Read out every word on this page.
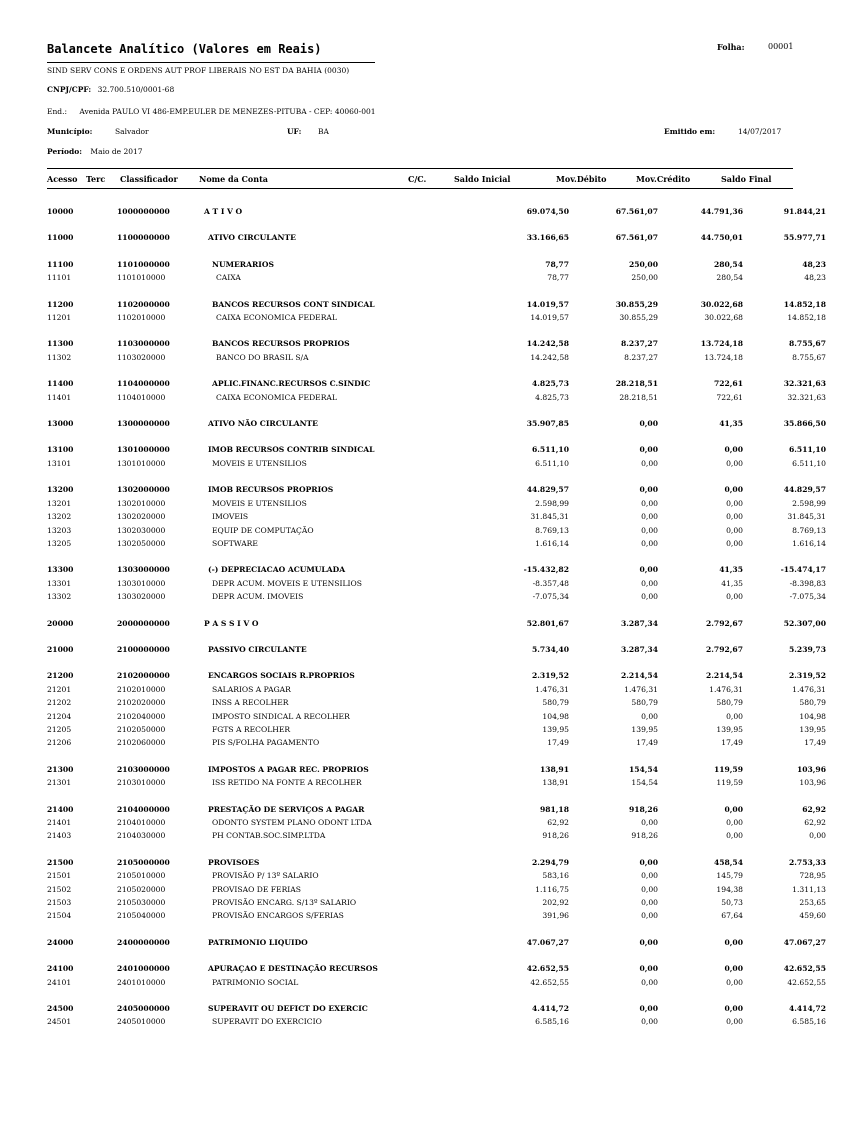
Balancete Analítico (Valores em Reais)	Folha:	00001
SIND SERV CONS E ORDENS AUT PROF LIBERAIS NO EST DA BAHIA (0030)
CNPJ/CPF: 32.700.510/0001-68
End.: Avenida PAULO VI 486-EMP.EULER DE MENEZES-PITUBA - CEP: 40060-001
Município:	Salvador	UF: BA	Emitido em:	14/07/2017
Período: Maio de 2017
Acesso Terc Classificador	Nome da Conta	C/C.	Saldo Inicial	Mov.Débito	Mov.Crédito	Saldo Final
10000	1000000000	A T I V O	69.074,50	67.561,07	44.791,36	91.844,21	

11000	1100000000	ATIVO CIRCULANTE	33.166,65	67.561,07	44.750,01	55.977,71	

11100	1101000000	NUMERARIOS	78,77	250,00	280,54	48,23	
11101	1101010000	CAIXA	78,77	250,00	280,54	48,23	

11200	1102000000	BANCOS RECURSOS CONT SINDICAL	14.019,57	30.855,29	30.022,68	14.852,18	
11201	1102010000	CAIXA ECONOMICA FEDERAL	14.019,57	30.855,29	30.022,68	14.852,18	

11300	1103000000	BANCOS RECURSOS PROPRIOS	14.242,58	8.237,27	13.724,18	8.755,67	
11302	1103020000	BANCO DO BRASIL S/A	14.242,58	8.237,27	13.724,18	8.755,67	

11400	1104000000	APLIC.FINANC.RECURSOS C.SINDIC	4.825,73	28.218,51	722,61	32.321,63	
11401	1104010000	CAIXA ECONOMICA FEDERAL	4.825,73	28.218,51	722,61	32.321,63	

13000	1300000000	ATIVO NÃO CIRCULANTE	35.907,85	0,00	41,35	35.866,50	

13100	1301000000	IMOB RECURSOS CONTRIB SINDICAL	6.511,10	0,00	0,00	6.511,10	
13101	1301010000	MOVEIS E UTENSILIOS	6.511,10	0,00	0,00	6.511,10	

13200	1302000000	IMOB RECURSOS PROPRIOS	44.829,57	0,00	0,00	44.829,57	
13201	1302010000	MOVEIS E UTENSILIOS	2.598,99	0,00	0,00	2.598,99	
13202	1302020000	IMOVEIS	31.845,31	0,00	0,00	31.845,31	
13203	1302030000	EQUIP DE COMPUTAÇÃO	8.769,13	0,00	0,00	8.769,13	
13205	1302050000	SOFTWARE	1.616,14	0,00	0,00	1.616,14	

13300	1303000000	(-) DEPRECIACAO ACUMULADA	-15.432,82	0,00	41,35	-15.474,17	
13301	1303010000	DEPR ACUM. MOVEIS E UTENSILIOS	-8.357,48	0,00	41,35	-8.398,83	
13302	1303020000	DEPR ACUM. IMOVEIS	-7.075,34	0,00	0,00	-7.075,34	

20000	2000000000	P A S S I V O	52.801,67	3.287,34	2.792,67	52.307,00	

21000	2100000000	PASSIVO CIRCULANTE	5.734,40	3.287,34	2.792,67	5.239,73	

21200	2102000000	ENCARGOS SOCIAIS R.PROPRIOS	2.319,52	2.214,54	2.214,54	2.319,52	
21201	2102010000	SALARIOS A PAGAR	1.476,31	1.476,31	1.476,31	1.476,31	
21202	2102020000	INSS A RECOLHER	580,79	580,79	580,79	580,79	
21204	2102040000	IMPOSTO SINDICAL A RECOLHER	104,98	0,00	0,00	104,98	
21205	2102050000	FGTS A RECOLHER	139,95	139,95	139,95	139,95	
21206	2102060000	PIS S/FOLHA PAGAMENTO	17,49	17,49	17,49	17,49	

21300	2103000000	IMPOSTOS A PAGAR REC. PROPRIOS	138,91	154,54	119,59	103,96	
21301	2103010000	ISS RETIDO NA FONTE A RECOLHER	138,91	154,54	119,59	103,96	

21400	2104000000	PRESTAÇÃO DE SERVIÇOS A PAGAR	981,18	918,26	0,00	62,92	
21401	2104010000	ODONTO SYSTEM PLANO ODONT LTDA	62,92	0,00	0,00	62,92	
21403	2104030000	PH CONTAB.SOC.SIMP.LTDA	918,26	918,26	0,00	0,00	

21500	2105000000	PROVISOES	2.294,79	0,00	458,54	2.753,33	
21501	2105010000	PROVISÃO P/ 13º SALARIO	583,16	0,00	145,79	728,95	
21502	2105020000	PROVISAO DE FERIAS	1.116,75	0,00	194,38	1.311,13	
21503	2105030000	PROVISÃO ENCARG. S/13º SALARIO	202,92	0,00	50,73	253,65	
21504	2105040000	PROVISÃO ENCARGOS S/FERIAS	391,96	0,00	67,64	459,60	

24000	2400000000	PATRIMONIO LIQUIDO	47.067,27	0,00	0,00	47.067,27	

24100	2401000000	APURAÇAO E DESTINAÇÃO RECURSOS	42.652,55	0,00	0,00	42.652,55	
24101	2401010000	PATRIMONIO SOCIAL	42.652,55	0,00	0,00	42.652,55	

24500	2405000000	SUPERAVIT OU DEFICT DO EXERCIC	4.414,72	0,00	0,00	4.414,72	
24501	2405010000	SUPERAVIT DO EXERCICIO	6.585,16	0,00	0,00	6.585,16	
